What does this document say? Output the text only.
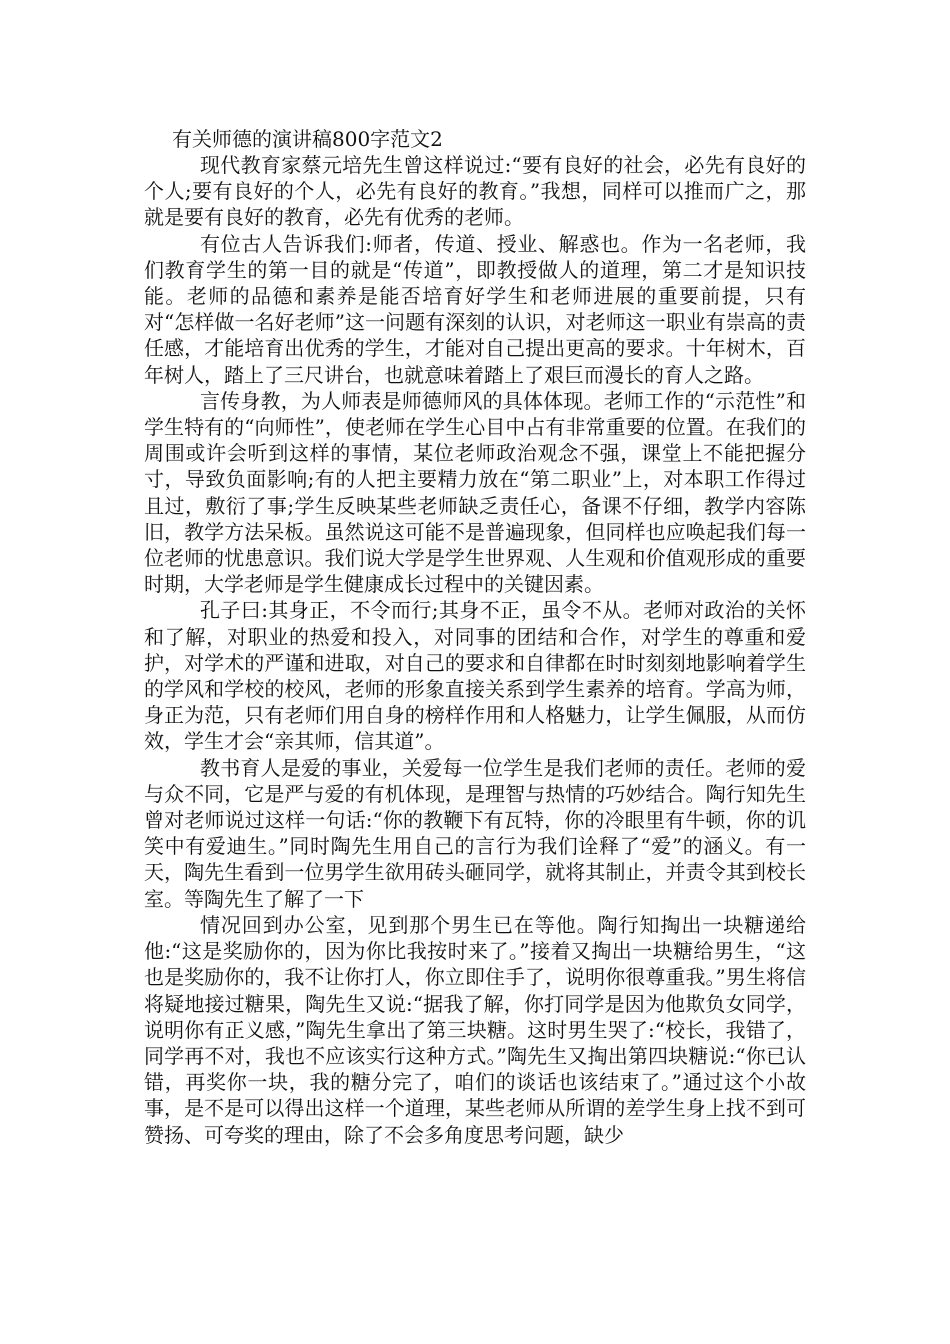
有关师德的演讲稿800字范文2

现代教育家蔡元培先生曾这样说过:“要有良好的社会，必先有良好的个人;要有良好的个人，必先有良好的教育。”我想，同样可以推而广之，那就是要有良好的教育，必先有优秀的老师。

有位古人告诉我们:师者，传道、授业、解惑也。作为一名老师，我们教育学生的第一目的就是“传道”，即教授做人的道理，第二才是知识技能。老师的品德和素养是能否培育好学生和老师进展的重要前提，只有对“怎样做一名好老师”这一问题有深刻的认识，对老师这一职业有崇高的责任感，才能培育出优秀的学生，才能对自己提出更高的要求。十年树木，百年树人，踏上了三尺讲台，也就意味着踏上了艰巨而漫长的育人之路。

言传身教，为人师表是师德师风的具体体现。老师工作的“示范性”和学生特有的“向师性”，使老师在学生心目中占有非常重要的位置。在我们的周围或许会听到这样的事情，某位老师政治观念不强，课堂上不能把握分寸，导致负面影响;有的人把主要精力放在“第二职业”上，对本职工作得过且过，敷衍了事;学生反映某些老师缺乏责任心，备课不仔细，教学内容陈旧，教学方法呆板。虽然说这可能不是普遍现象，但同样也应唤起我们每一位老师的忧患意识。我们说大学是学生世界观、人生观和价值观形成的重要时期，大学老师是学生健康成长过程中的关键因素。

孔子曰:其身正，不令而行;其身不正，虽令不从。老师对政治的关怀和了解，对职业的热爱和投入，对同事的团结和合作，对学生的尊重和爱护，对学术的严谨和进取，对自己的要求和自律都在时时刻刻地影响着学生的学风和学校的校风，老师的形象直接关系到学生素养的培育。学高为师，身正为范，只有老师们用自身的榜样作用和人格魅力，让学生佩服，从而仿效，学生才会“亲其师，信其道”。

教书育人是爱的事业，关爱每一位学生是我们老师的责任。老师的爱与众不同，它是严与爱的有机体现，是理智与热情的巧妙结合。陶行知先生曾对老师说过这样一句话:“你的教鞭下有瓦特，你的冷眼里有牛顿，你的讥笑中有爱迪生。”同时陶先生用自己的言行为我们诠释了“爱”的涵义。有一天，陶先生看到一位男学生欲用砖头砸同学，就将其制止，并责令其到校长室。等陶先生了解了一下

情况回到办公室，见到那个男生已在等他。陶行知掏出一块糖递给他:“这是奖励你的，因为你比我按时来了。”接着又掏出一块糖给男生，“这也是奖励你的，我不让你打人，你立即住手了，说明你很尊重我。”男生将信将疑地接过糖果，陶先生又说:“据我了解，你打同学是因为他欺负女同学，说明你有正义感，”陶先生拿出了第三块糖。这时男生哭了:“校长，我错了，同学再不对，我也不应该实行这种方式。”陶先生又掏出第四块糖说:“你已认错，再奖你一块，我的糖分完了，咱们的谈话也该结束了。”通过这个小故事，是不是可以得出这样一个道理，某些老师从所谓的差学生身上找不到可赞扬、可夸奖的理由，除了不会多角度思考问题，缺少
